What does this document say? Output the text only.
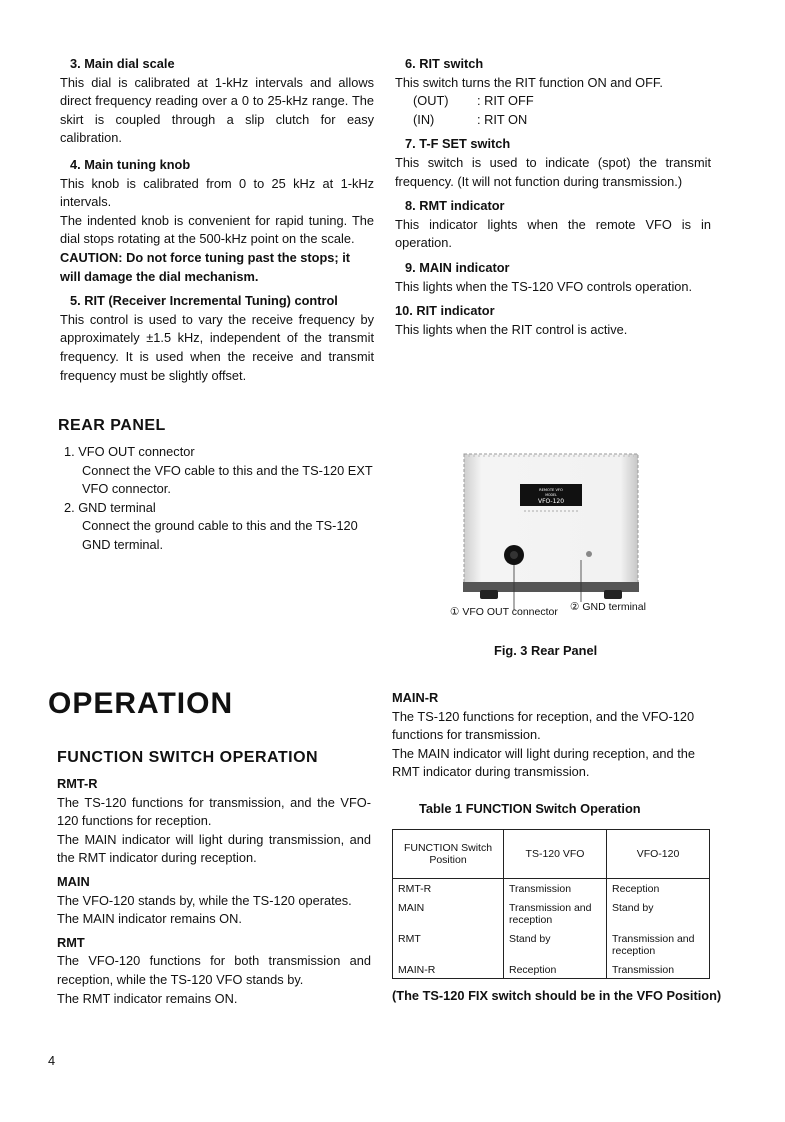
3. Main dial scale

This dial is calibrated at 1-kHz intervals and allows direct frequency reading over a 0 to 25-kHz range. The skirt is coupled through a slip clutch for easy calibration.

4. Main tuning knob

This knob is calibrated from 0 to 25 kHz at 1-kHz intervals.

The indented knob is convenient for rapid tuning. The dial stops rotating at the 500-kHz point on the scale.

CAUTION: Do not force tuning past the stops; it will damage the dial mechanism.

5. RIT (Receiver Incremental Tuning) control

This control is used to vary the receive frequency by approximately ±1.5 kHz, independent of the transmit frequency. It is used when the receive and transmit frequency must be slightly offset.

6. RIT switch

This switch turns the RIT function ON and OFF.

(OUT) : RIT OFF
(IN)	: RIT ON

7. T-F SET switch

This switch is used to indicate (spot) the transmit frequency. (It will not function during transmission.)

8. RMT indicator

This indicator lights when the remote VFO is in operation.

9. MAIN indicator

This lights when the TS-120 VFO controls operation.

10. RIT indicator

This lights when the RIT control is active.

REAR PANEL
1. VFO OUT connector
Connect the VFO cable to this and the TS-120 EXT VFO connector.
2. GND terminal
Connect the ground cable to this and the TS-120 GND terminal.
REMOTE VFO
MODEL
VFO-120
① VFO OUT connector ② GND terminal
Fig. 3 Rear Panel
OPERATION
FUNCTION SWITCH OPERATION

RMT-R

The TS-120 functions for transmission, and the VFO-120 functions for reception.

The MAIN indicator will light during transmission, and the RMT indicator during reception.

MAIN

The VFO-120 stands by, while the TS-120 operates.

The MAIN indicator remains ON.

RMT

The VFO-120 functions for both transmission and reception, while the TS-120 VFO stands by.

The RMT indicator remains ON.

MAIN-R

The TS-120 functions for reception, and the VFO-120 functions for transmission.

The MAIN indicator will light during reception, and the RMT indicator during transmission.

Table 1 FUNCTION Switch Operation
FUNCTION Switch Position	TS-120 VFO	VFO-120
RMT-R	Transmission	Reception
MAIN	Transmission and reception	Stand by
RMT	Stand by	Transmission and reception
MAIN-R	Reception	Transmission
(The TS-120 FIX switch should be in the VFO Position)
4
